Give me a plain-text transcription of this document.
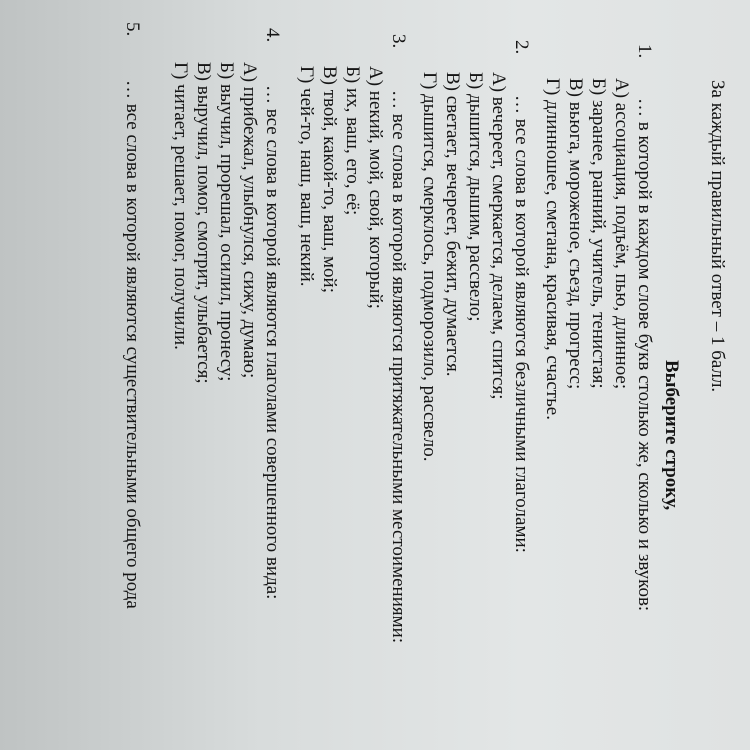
За каждый правильный ответ – 1 балл.
Выберите строку,
1.
… в которой в каждом слове букв столько же, сколько и звуков:
А) ассоциация, подъём, пью, длинное;
Б) заранее, ранний, учитель, тенистая;
В) вьюга, мороженое, съезд, прогресс;
Г) длинношее, сметана, красивая, счастье.
2.
… все слова в которой являются безличными глаголами:
А) вечереет, смеркается, делаем, спится;
Б) дышится, дышим, рассвело;
В) светает, вечереет, бежит, думается.
Г) дышится, смерклось, подморозило, рассвело.
3.
… все слова в которой являются притяжательными местоимениями:
А) некий, мой, свой, который;
Б) их, ваш, его, её;
В) твой, какой-то, ваш, мой;
Г) чей-то, наш, ваш, некий.
4.
… все слова в которой являются глаголами совершенного вида:
А) прибежал, улыбнулся, сижу, думаю;
Б) выучил, прорешал, осилил, пронесу;
В) выручил, помог, смотрит, улыбается;
Г) читает, решает, помог, получили.
5.
… все слова в которой являются существительными общего рода
